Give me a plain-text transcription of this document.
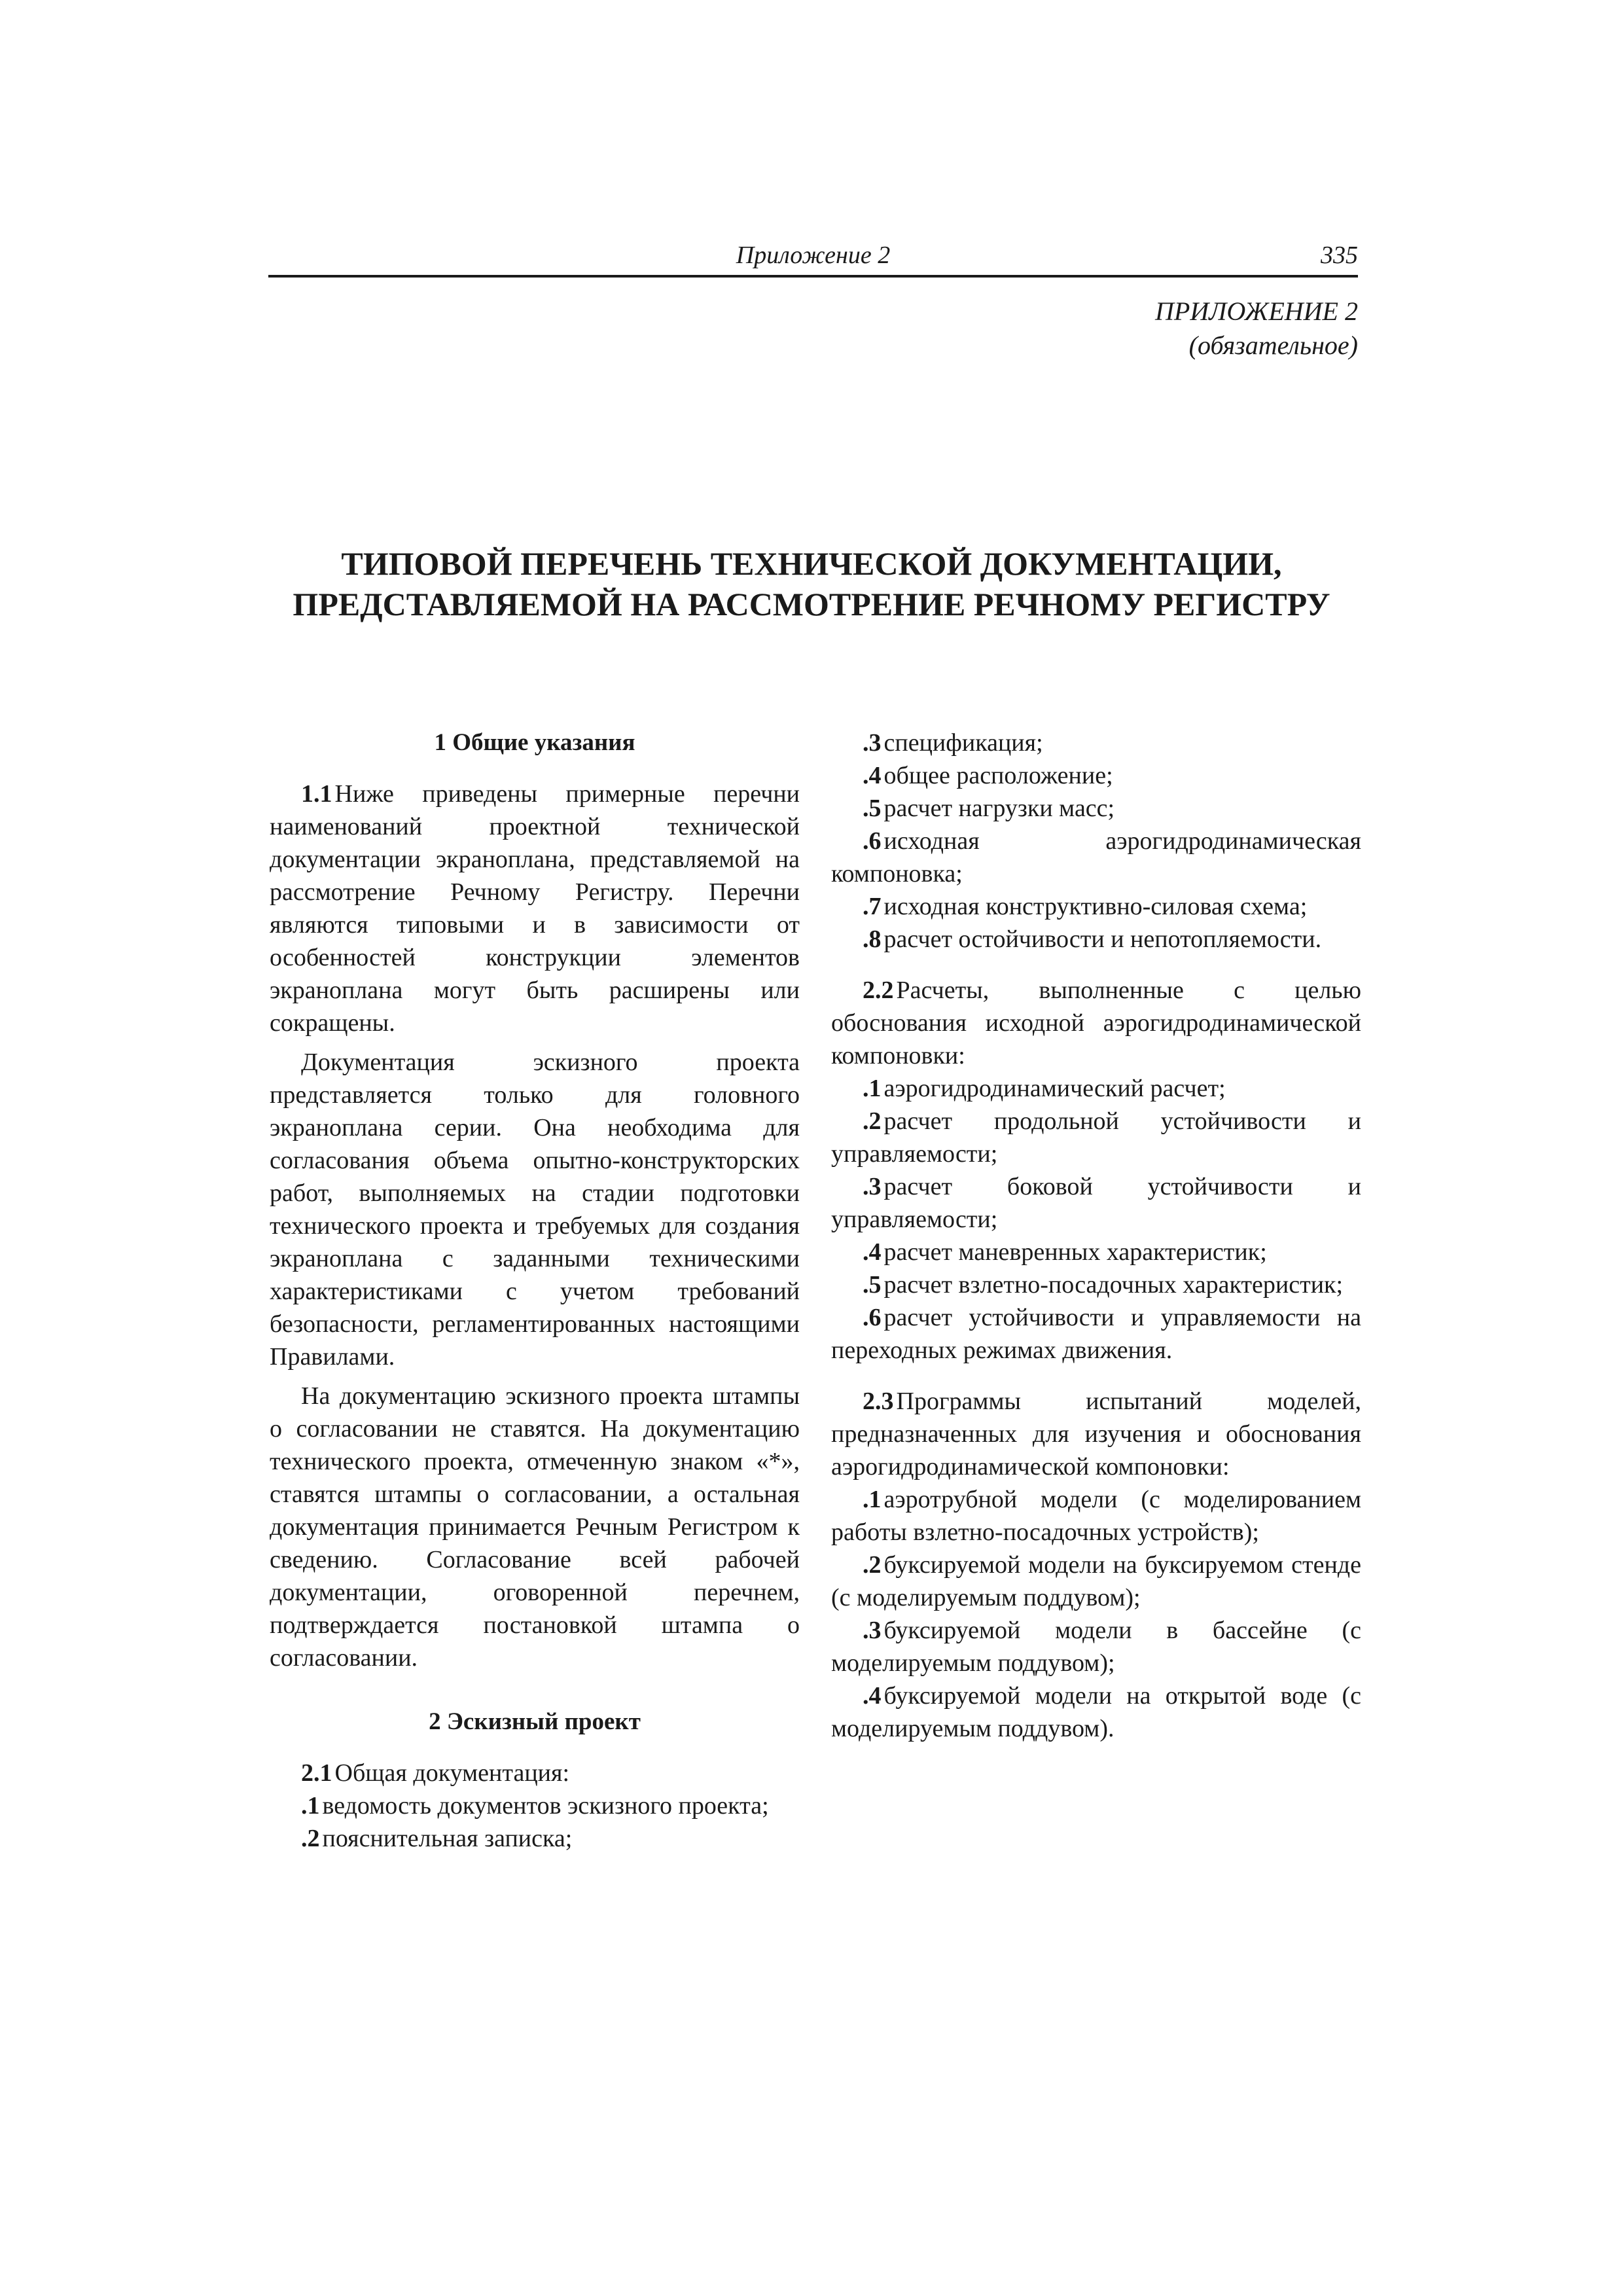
Приложение 2	335
ПРИЛОЖЕНИЕ 2
(обязательное)
ТИПОВОЙ ПЕРЕЧЕНЬ ТЕХНИЧЕСКОЙ ДОКУМЕНТАЦИИ,
ПРЕДСТАВЛЯЕМОЙ НА РАССМОТРЕНИЕ РЕЧНОМУ РЕГИСТРУ
1 Общие указания

1.1 Ниже приведены примерные перечни наименований проектной технической документации экраноплана, представляемой на рассмотрение Речному Регистру. Перечни являются типовыми и в зависимости от особенностей конструкции элементов экраноплана могут быть расширены или сокращены.

Документация эскизного проекта представляется только для головного экраноплана серии. Она необходима для согласования объема опытно-конструкторских работ, выполняемых на стадии подготовки технического проекта и требуемых для создания экраноплана с заданными техническими характеристиками с учетом требований безопасности, регламентированных настоящими Правилами.

На документацию эскизного проекта штампы о согласовании не ставятся. На документацию технического проекта, отмеченную знаком «*», ставятся штампы о согласовании, а остальная документация принимается Речным Регистром к сведению. Согласование всей рабочей документации, оговоренной перечнем, подтверждается постановкой штампа о согласовании.

2 Эскизный проект

2.1 Общая документация:

.1 ведомость документов эскизного проекта;

.2 пояснительная записка;

.3 спецификация;

.4 общее расположение;

.5 расчет нагрузки масс;

.6 исходная аэрогидродинамическая компоновка;

.7 исходная конструктивно-силовая схема;

.8 расчет остойчивости и непотопляемости.

2.2 Расчеты, выполненные с целью обоснования исходной аэрогидродинамической компоновки:

.1 аэрогидродинамический расчет;

.2 расчет продольной устойчивости и управляемости;

.3 расчет боковой устойчивости и управляемости;

.4 расчет маневренных характеристик;

.5 расчет взлетно-посадочных характеристик;

.6 расчет устойчивости и управляемости на переходных режимах движения.

2.3 Программы испытаний моделей, предназначенных для изучения и обоснования аэрогидродинамической компоновки:

.1 аэротрубной модели (с моделированием работы взлетно-посадочных устройств);

.2 буксируемой модели на буксируемом стенде (с моделируемым поддувом);

.3 буксируемой модели в бассейне (с моделируемым поддувом);

.4 буксируемой модели на открытой воде (с моделируемым поддувом).
